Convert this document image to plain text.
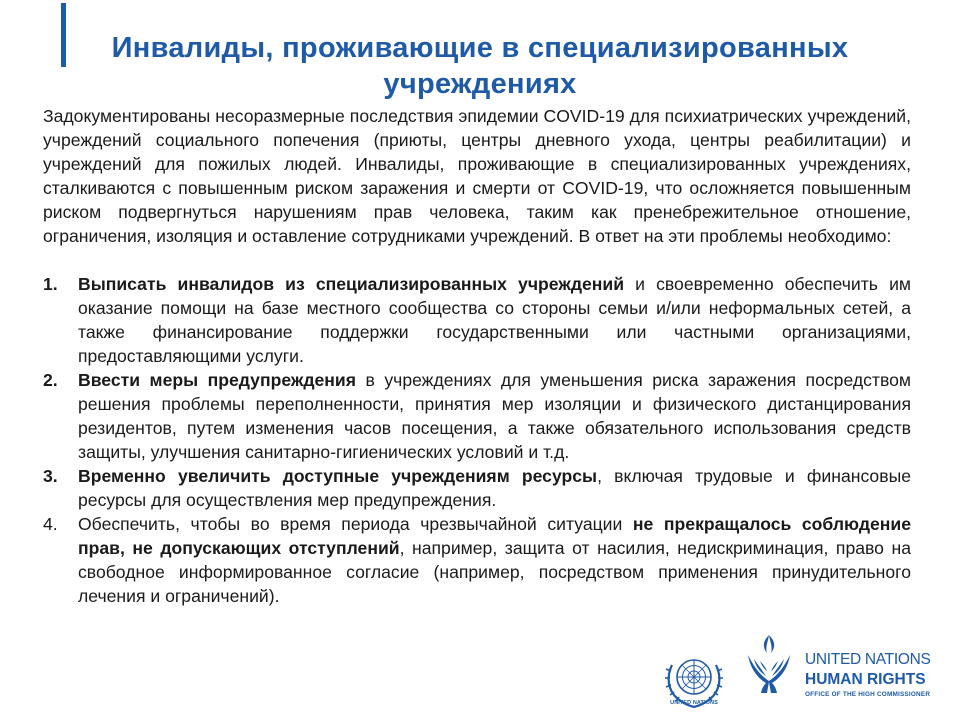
Инвалиды, проживающие в специализированных учреждениях

Задокументированы несоразмерные последствия эпидемии COVID-19 для психиатрических учреждений, учреждений социального попечения (приюты, центры дневного ухода, центры реабилитации) и учреждений для пожилых людей. Инвалиды, проживающие в специализированных учреждениях, сталкиваются с повышенным риском заражения и смерти от COVID-19, что осложняется повышенным риском подвергнуться нарушениям прав человека, таким как пренебрежительное отношение, ограничения, изоляция и оставление сотрудниками учреждений. В ответ на эти проблемы необходимо:

1. Выписать инвалидов из специализированных учреждений и своевременно обеспечить им оказание помощи на базе местного сообщества со стороны семьи и/или неформальных сетей, а также финансирование поддержки государственными или частными организациями, предоставляющими услуги.
2. Ввести меры предупреждения в учреждениях для уменьшения риска заражения посредством решения проблемы переполненности, принятия мер изоляции и физического дистанцирования резидентов, путем изменения часов посещения, а также обязательного использования средств защиты, улучшения санитарно-гигиенических условий и т.д.
3. Временно увеличить доступные учреждениям ресурсы, включая трудовые и финансовые ресурсы для осуществления мер предупреждения.
4. Обеспечить, чтобы во время периода чрезвычайной ситуации не прекращалось соблюдение прав, не допускающих отступлений, например, защита от насилия, недискриминация, право на свободное информированное согласие (например, посредством применения принудительного лечения и ограничений).
UNITED NATIONS
UNITED NATIONS
HUMAN RIGHTS
OFFICE OF THE HIGH COMMISSIONER
